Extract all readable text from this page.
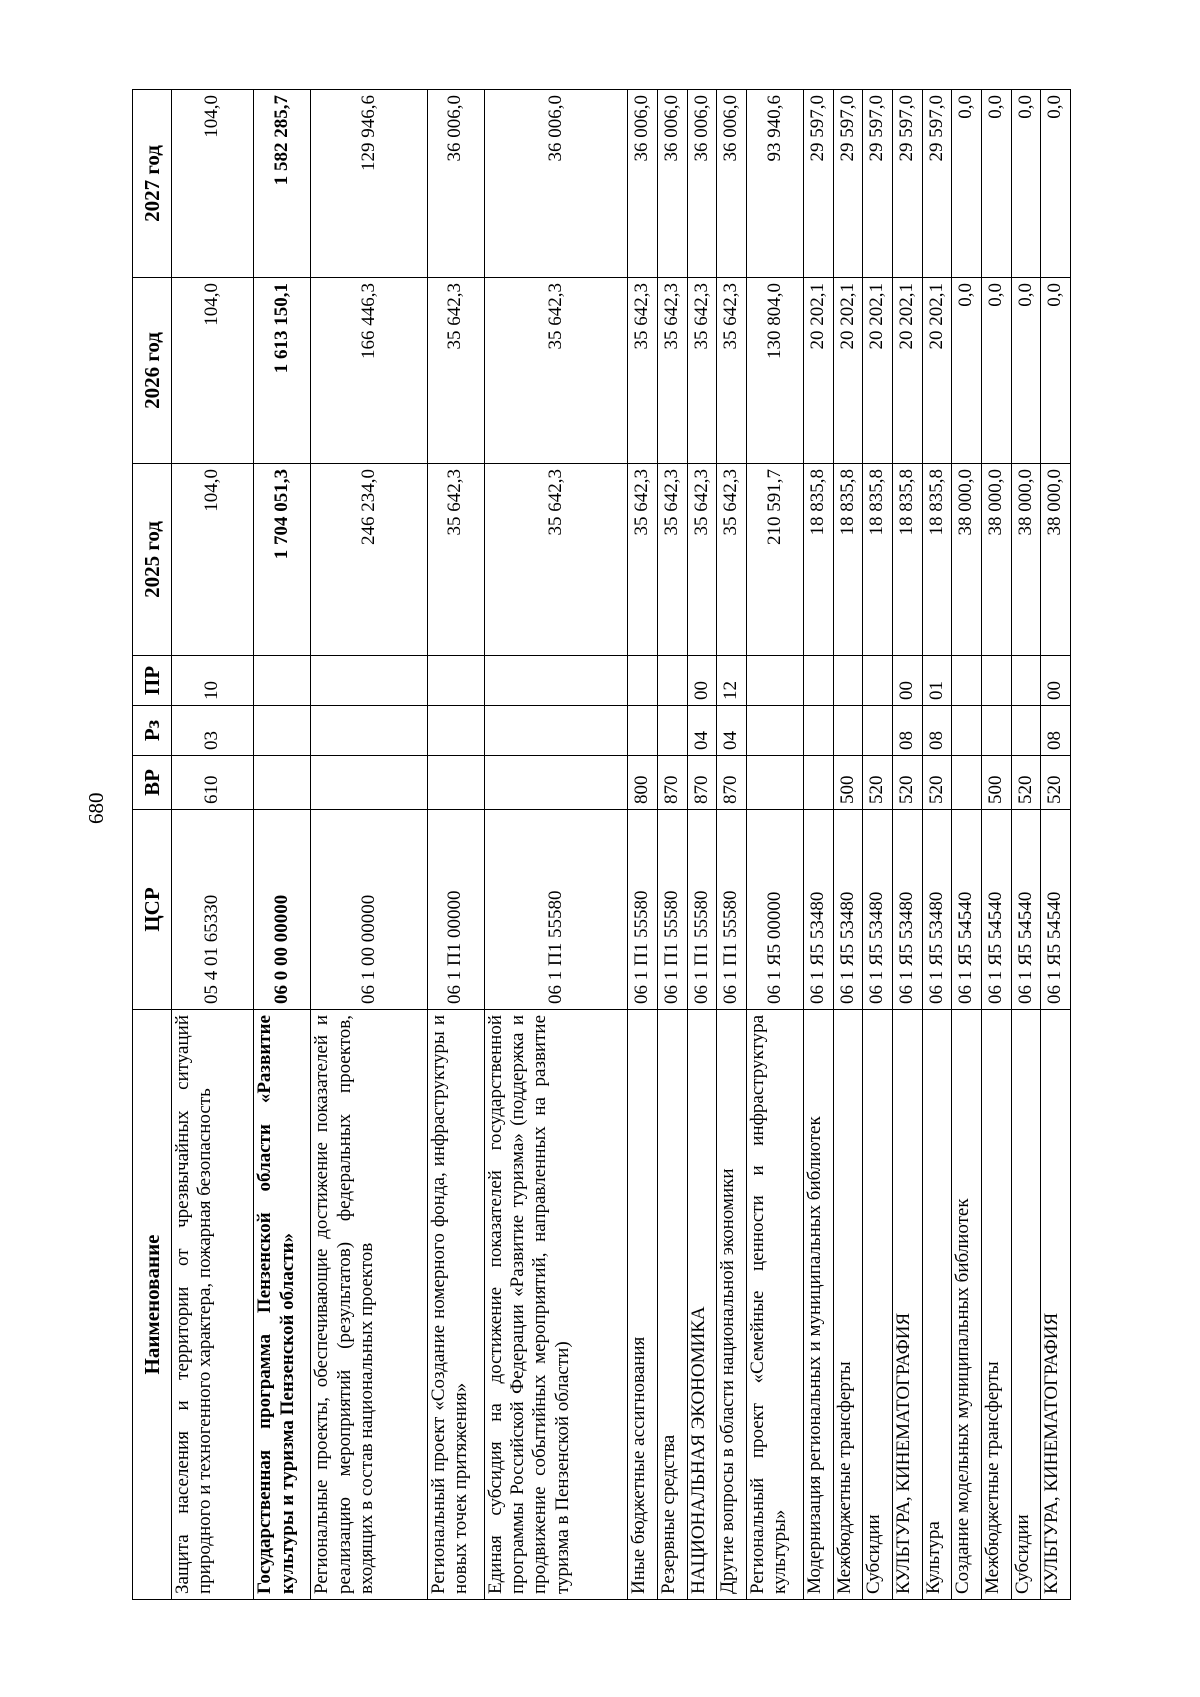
680
Наименование	ЦСР	ВР	Рз	ПР	2025 год	2026 год	2027 год
Защита населения и территории от чрезвычайных ситуаций природного и техногенного характера, пожарная безопасность	05 4 01 65330	610	03	10	104,0	104,0	104,0
Государственная программа Пензенской области «Развитие культуры и туризма Пензенской области»	06 0 00 00000				1 704 051,3	1 613 150,1	1 582 285,7
Региональные проекты, обеспечивающие достижение показателей и реализацию мероприятий (результатов) федеральных проектов, входящих в состав национальных проектов	06 1 00 00000				246 234,0	166 446,3	129 946,6
Региональный проект «Создание номерного фонда, инфраструктуры и новых точек притяжения»	06 1 П1 00000				35 642,3	35 642,3	36 006,0
Единая субсидия на достижение показателей государственной программы Российской Федерации «Развитие туризма» (поддержка и продвижение событийных мероприятий, направленных на развитие туризма в Пензенской области)	06 1 П1 55580				35 642,3	35 642,3	36 006,0
Иные бюджетные ассигнования	06 1 П1 55580	800			35 642,3	35 642,3	36 006,0
Резервные средства	06 1 П1 55580	870			35 642,3	35 642,3	36 006,0
НАЦИОНАЛЬНАЯ ЭКОНОМИКА	06 1 П1 55580	870	04	00	35 642,3	35 642,3	36 006,0
Другие вопросы в области национальной экономики	06 1 П1 55580	870	04	12	35 642,3	35 642,3	36 006,0
Региональный проект «Семейные ценности и инфраструктура культуры»	06 1 Я5 00000				210 591,7	130 804,0	93 940,6
Модернизация региональных и муниципальных библиотек	06 1 Я5 53480				18 835,8	20 202,1	29 597,0
Межбюджетные трансферты	06 1 Я5 53480	500			18 835,8	20 202,1	29 597,0
Субсидии	06 1 Я5 53480	520			18 835,8	20 202,1	29 597,0
КУЛЬТУРА, КИНЕМАТОГРАФИЯ	06 1 Я5 53480	520	08	00	18 835,8	20 202,1	29 597,0
Культура	06 1 Я5 53480	520	08	01	18 835,8	20 202,1	29 597,0
Создание модельных муниципальных библиотек	06 1 Я5 54540				38 000,0	0,0	0,0
Межбюджетные трансферты	06 1 Я5 54540	500			38 000,0	0,0	0,0
Субсидии	06 1 Я5 54540	520			38 000,0	0,0	0,0
КУЛЬТУРА, КИНЕМАТОГРАФИЯ	06 1 Я5 54540	520	08	00	38 000,0	0,0	0,0
